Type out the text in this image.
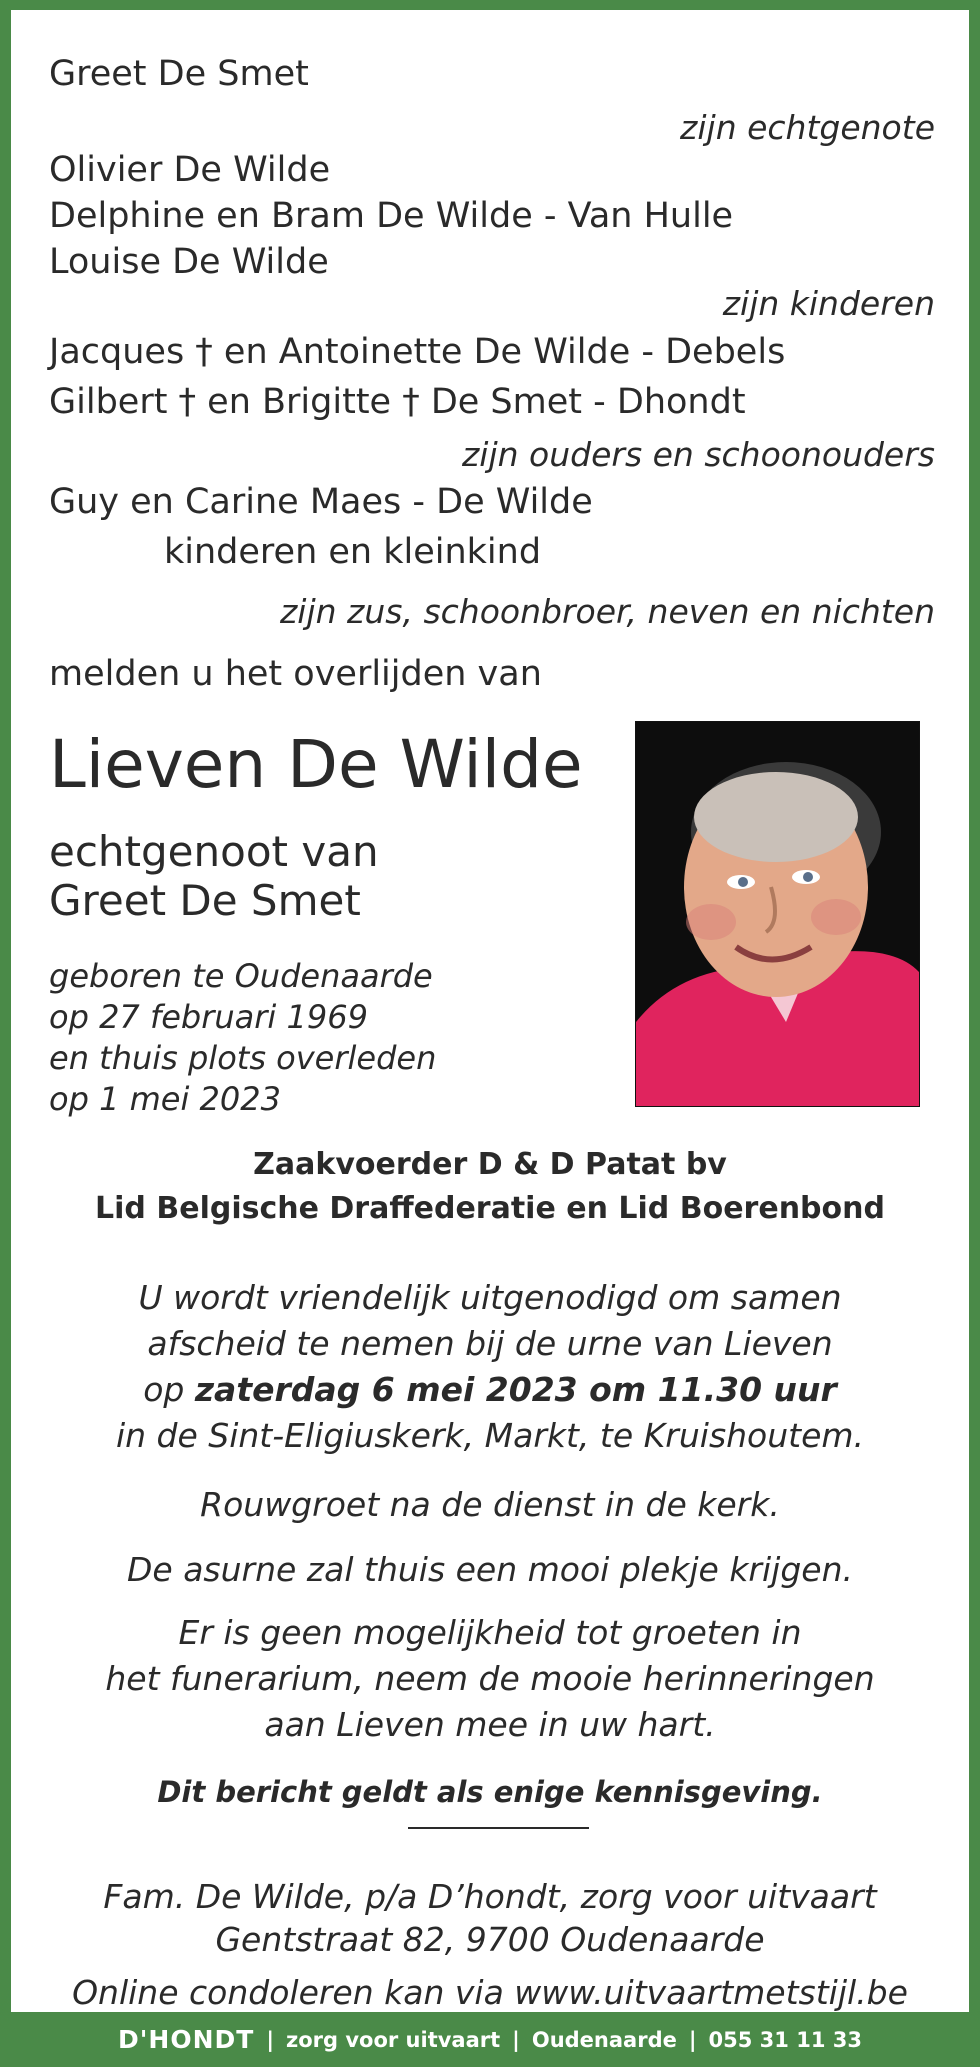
Greet De Smet
zijn echtgenote
Olivier De Wilde
Delphine en Bram De Wilde - Van Hulle
Louise De Wilde
zijn kinderen
Jacques † en Antoinette De Wilde - Debels
Gilbert † en Brigitte † De Smet - Dhondt
zijn ouders en schoonouders
Guy en Carine Maes - De Wilde
kinderen en kleinkind
zijn zus, schoonbroer, neven en nichten
melden u het overlijden van
Lieven De Wilde
echtgenoot van
Greet De Smet
geboren te Oudenaarde
op 27 februari 1969
en thuis plots overleden
op 1 mei 2023
Zaakvoerder D & D Patat bv
Lid Belgische Draffederatie en Lid Boerenbond
U wordt vriendelijk uitgenodigd om samen
afscheid te nemen bij de urne van Lieven
op zaterdag 6 mei 2023 om 11.30 uur
in de Sint-Eligiuskerk, Markt, te Kruishoutem.
Rouwgroet na de dienst in de kerk.
De asurne zal thuis een mooi plekje krijgen.
Er is geen mogelijkheid tot groeten in
het funerarium, neem de mooie herinneringen
aan Lieven mee in uw hart.
Dit bericht geldt als enige kennisgeving.
Fam. De Wilde, p/a D’hondt, zorg voor uitvaart
Gentstraat 82, 9700 Oudenaarde
Online condoleren kan via www.uitvaartmetstijl.be
D'HONDT | zorg voor uitvaart | Oudenaarde | 055 31 11 33
